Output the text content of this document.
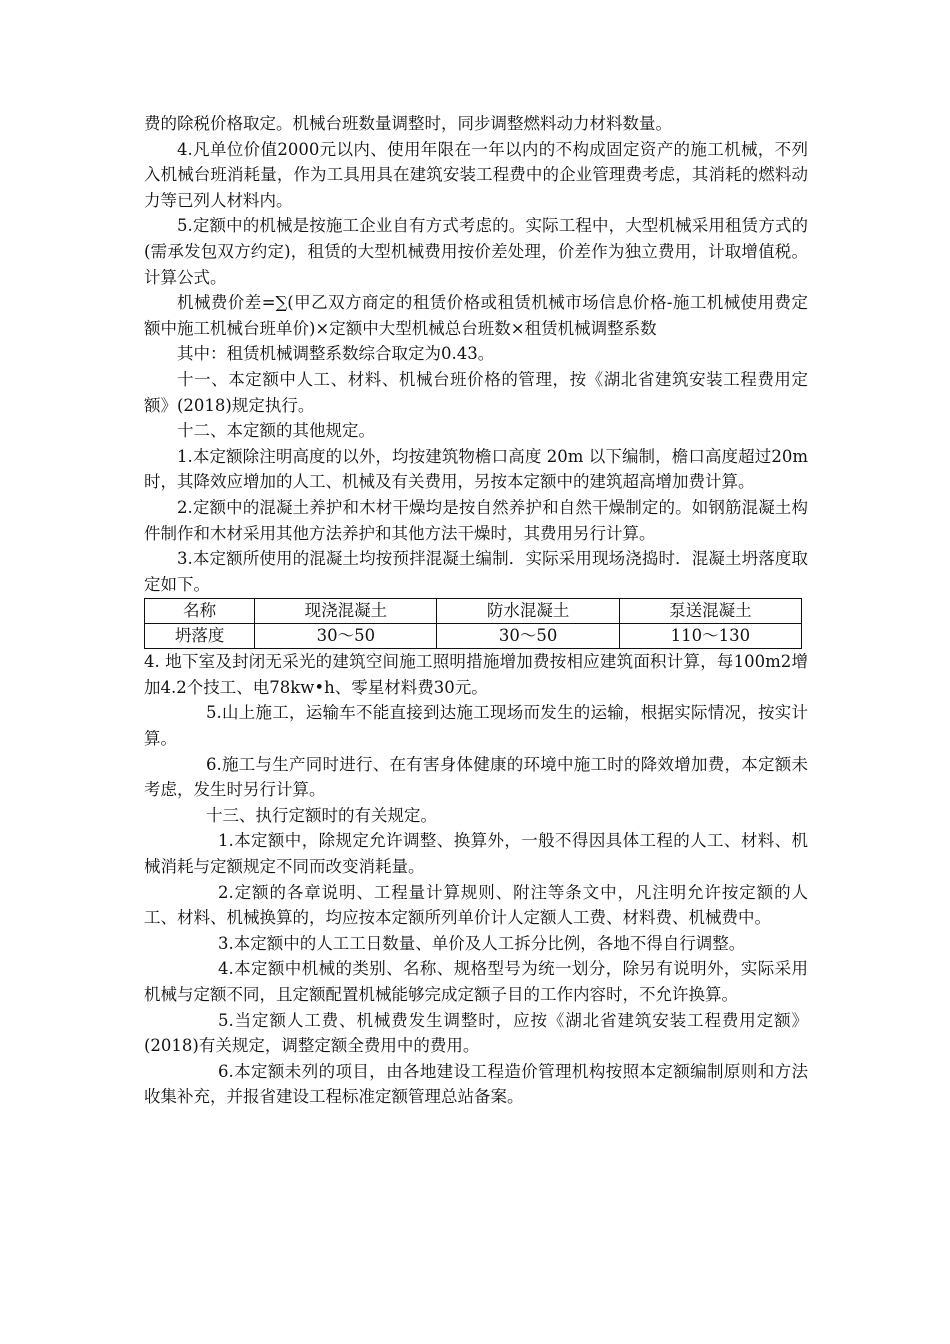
费的除税价格取定。机械台班数量调整时，同步调整燃料动力材料数量。

4.凡单位价值2000元以内、使用年限在一年以内的不构成固定资产的施工机械，不列入机械台班消耗量，作为工具用具在建筑安装工程费中的企业管理费考虑，其消耗的燃料动力等已列人材料内。

5.定额中的机械是按施工企业自有方式考虑的。实际工程中，大型机械采用租赁方式的(需承发包双方约定)，租赁的大型机械费用按价差处理，价差作为独立费用，计取增值税。计算公式。

机械费价差=∑(甲乙双方商定的租赁价格或租赁机械市场信息价格-施工机械使用费定额中施工机械台班单价)×定额中大型机械总台班数×租赁机械调整系数

其中：租赁机械调整系数综合取定为0.43。

十一、本定额中人工、材料、机械台班价格的管理，按《湖北省建筑安装工程费用定额》(2018)规定执行。

十二、本定额的其他规定。

1.本定额除注明高度的以外，均按建筑物檐口高度 20m 以下编制，檐口高度超过20m时，其降效应增加的人工、机械及有关费用，另按本定额中的建筑超高增加费计算。

2.定额中的混凝土养护和木材干燥均是按自然养护和自然干燥制定的。如钢筋混凝土构件制作和木材采用其他方法养护和其他方法干燥时，其费用另行计算。

3.本定额所使用的混凝土均按预拌混凝土编制．实际采用现场浇捣时．混凝土坍落度取定如下。

名称	现浇混凝土	防水混凝土	泵送混凝土
坍落度	30～50	30～50	110～130

4. 地下室及封闭无采光的建筑空间施工照明措施增加费按相应建筑面积计算，每100m2增加4.2个技工、电78kw•h、零星材料费30元。

5.山上施工，运输车不能直接到达施工现场而发生的运输，根据实际情况，按实计算。

6.施工与生产同时进行、在有害身体健康的环境中施工时的降效增加费，本定额未考虑，发生时另行计算。

十三、执行定额时的有关规定。

1.本定额中，除规定允许调整、换算外，一般不得因具体工程的人工、材料、机械消耗与定额规定不同而改变消耗量。

2.定额的各章说明、工程量计算规则、附注等条文中，凡注明允许按定额的人工、材料、机械换算的，均应按本定额所列单价计人定额人工费、材料费、机械费中。

3.本定额中的人工工日数量、单价及人工拆分比例，各地不得自行调整。

4.本定额中机械的类别、名称、规格型号为统一划分，除另有说明外，实际采用机械与定额不同，且定额配置机械能够完成定额子目的工作内容时，不允许换算。

5.当定额人工费、机械费发生调整时，应按《湖北省建筑安装工程费用定额》(2018)有关规定，调整定额全费用中的费用。

6.本定额未列的项目，由各地建设工程造价管理机构按照本定额编制原则和方法收集补充，并报省建设工程标准定额管理总站备案。
